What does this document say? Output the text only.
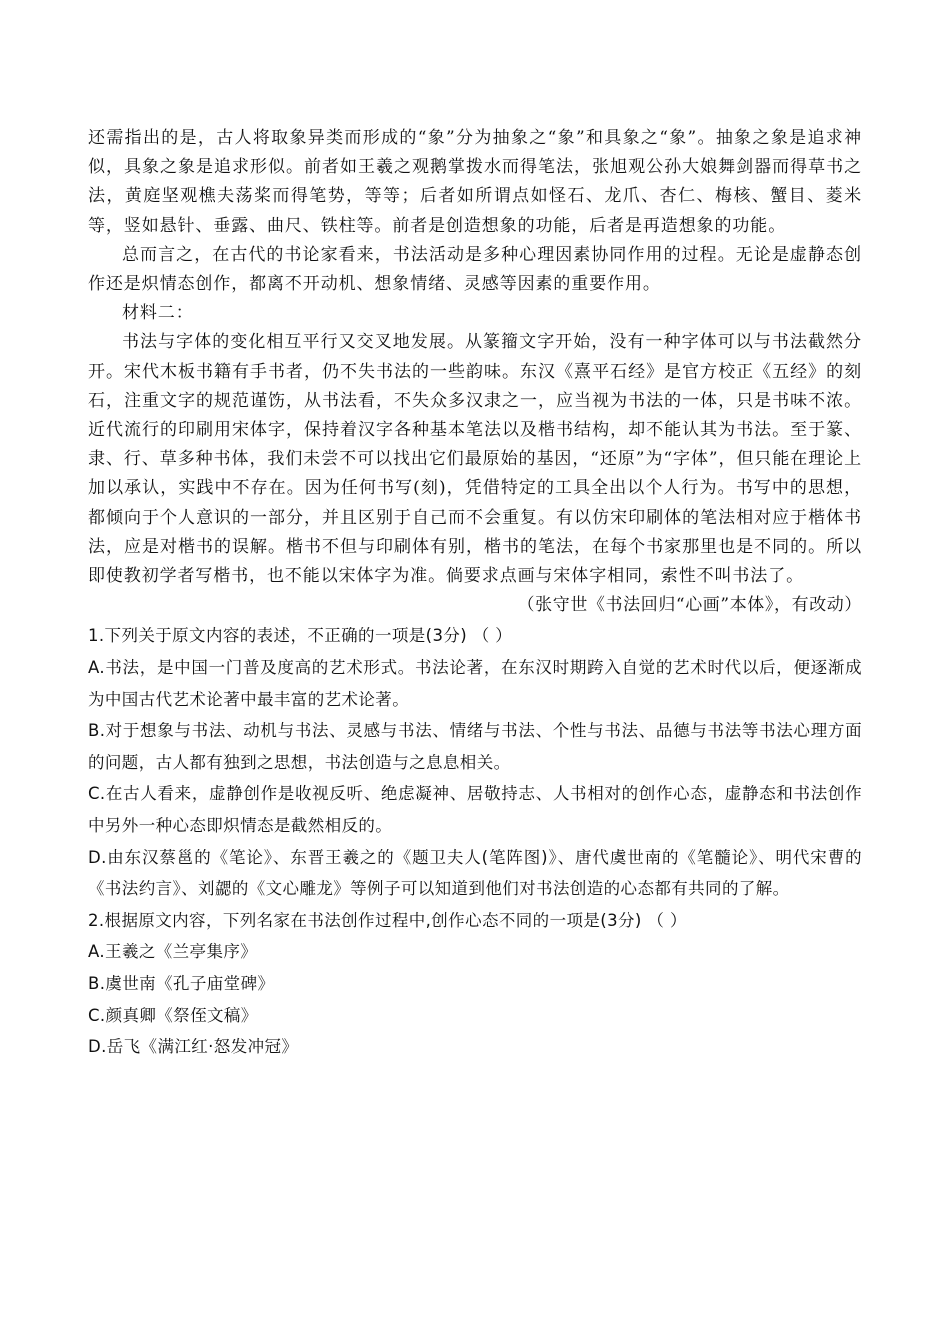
还需指出的是，古人将取象异类而形成的“象”分为抽象之“象”和具象之“象”。抽象之象是追求神似，具象之象是追求形似。前者如王羲之观鹅掌拨水而得笔法，张旭观公孙大娘舞剑器而得草书之法，黄庭坚观樵夫荡桨而得笔势，等等；后者如所谓点如怪石、龙爪、杏仁、梅核、蟹目、菱米等，竖如悬针、垂露、曲尺、铁柱等。前者是创造想象的功能，后者是再造想象的功能。

总而言之，在古代的书论家看来，书法活动是多种心理因素协同作用的过程。无论是虚静态创作还是炽情态创作，都离不开动机、想象情绪、灵感等因素的重要作用。

材料二：

书法与字体的变化相互平行又交叉地发展。从篆籀文字开始，没有一种字体可以与书法截然分开。宋代木板书籍有手书者，仍不失书法的一些韵味。东汉《熹平石经》是官方校正《五经》的刻石，注重文字的规范谨饬，从书法看，不失众多汉隶之一，应当视为书法的一体，只是书味不浓。近代流行的印刷用宋体字，保持着汉字各种基本笔法以及楷书结构，却不能认其为书法。至于篆、隶、行、草多种书体，我们未尝不可以找出它们最原始的基因，“还原”为“字体”，但只能在理论上加以承认，实践中不存在。因为任何书写(刻)，凭借特定的工具全出以个人行为。书写中的思想，都倾向于个人意识的一部分，并且区别于自己而不会重复。有以仿宋印刷体的笔法相对应于楷体书法，应是对楷书的误解。楷书不但与印刷体有别，楷书的笔法，在每个书家那里也是不同的。所以即使教初学者写楷书，也不能以宋体字为准。倘要求点画与宋体字相同，索性不叫书法了。

（张守世《书法回归“心画”本体》，有改动）

1.下列关于原文内容的表述，不正确的一项是(3分) （ ）

A.书法，是中国一门普及度高的艺术形式。书法论著，在东汉时期跨入自觉的艺术时代以后，便逐渐成为中国古代艺术论著中最丰富的艺术论著。

B.对于想象与书法、动机与书法、灵感与书法、情绪与书法、个性与书法、品德与书法等书法心理方面的问题，古人都有独到之思想，书法创造与之息息相关。

C.在古人看来，虚静创作是收视反听、绝虑凝神、居敬持志、人书相对的创作心态，虚静态和书法创作中另外一种心态即炽情态是截然相反的。

D.由东汉蔡邕的《笔论》、东晋王羲之的《题卫夫人(笔阵图)》、唐代虞世南的《笔髓论》、明代宋曹的《书法约言》、刘勰的《文心雕龙》等例子可以知道到他们对书法创造的心态都有共同的了解。

2.根据原文内容，下列名家在书法创作过程中,创作心态不同的一项是(3分) （ ）

A.王羲之《兰亭集序》

B.虞世南《孔子庙堂碑》

C.颜真卿《祭侄文稿》

D.岳飞《满江红·怒发冲冠》
